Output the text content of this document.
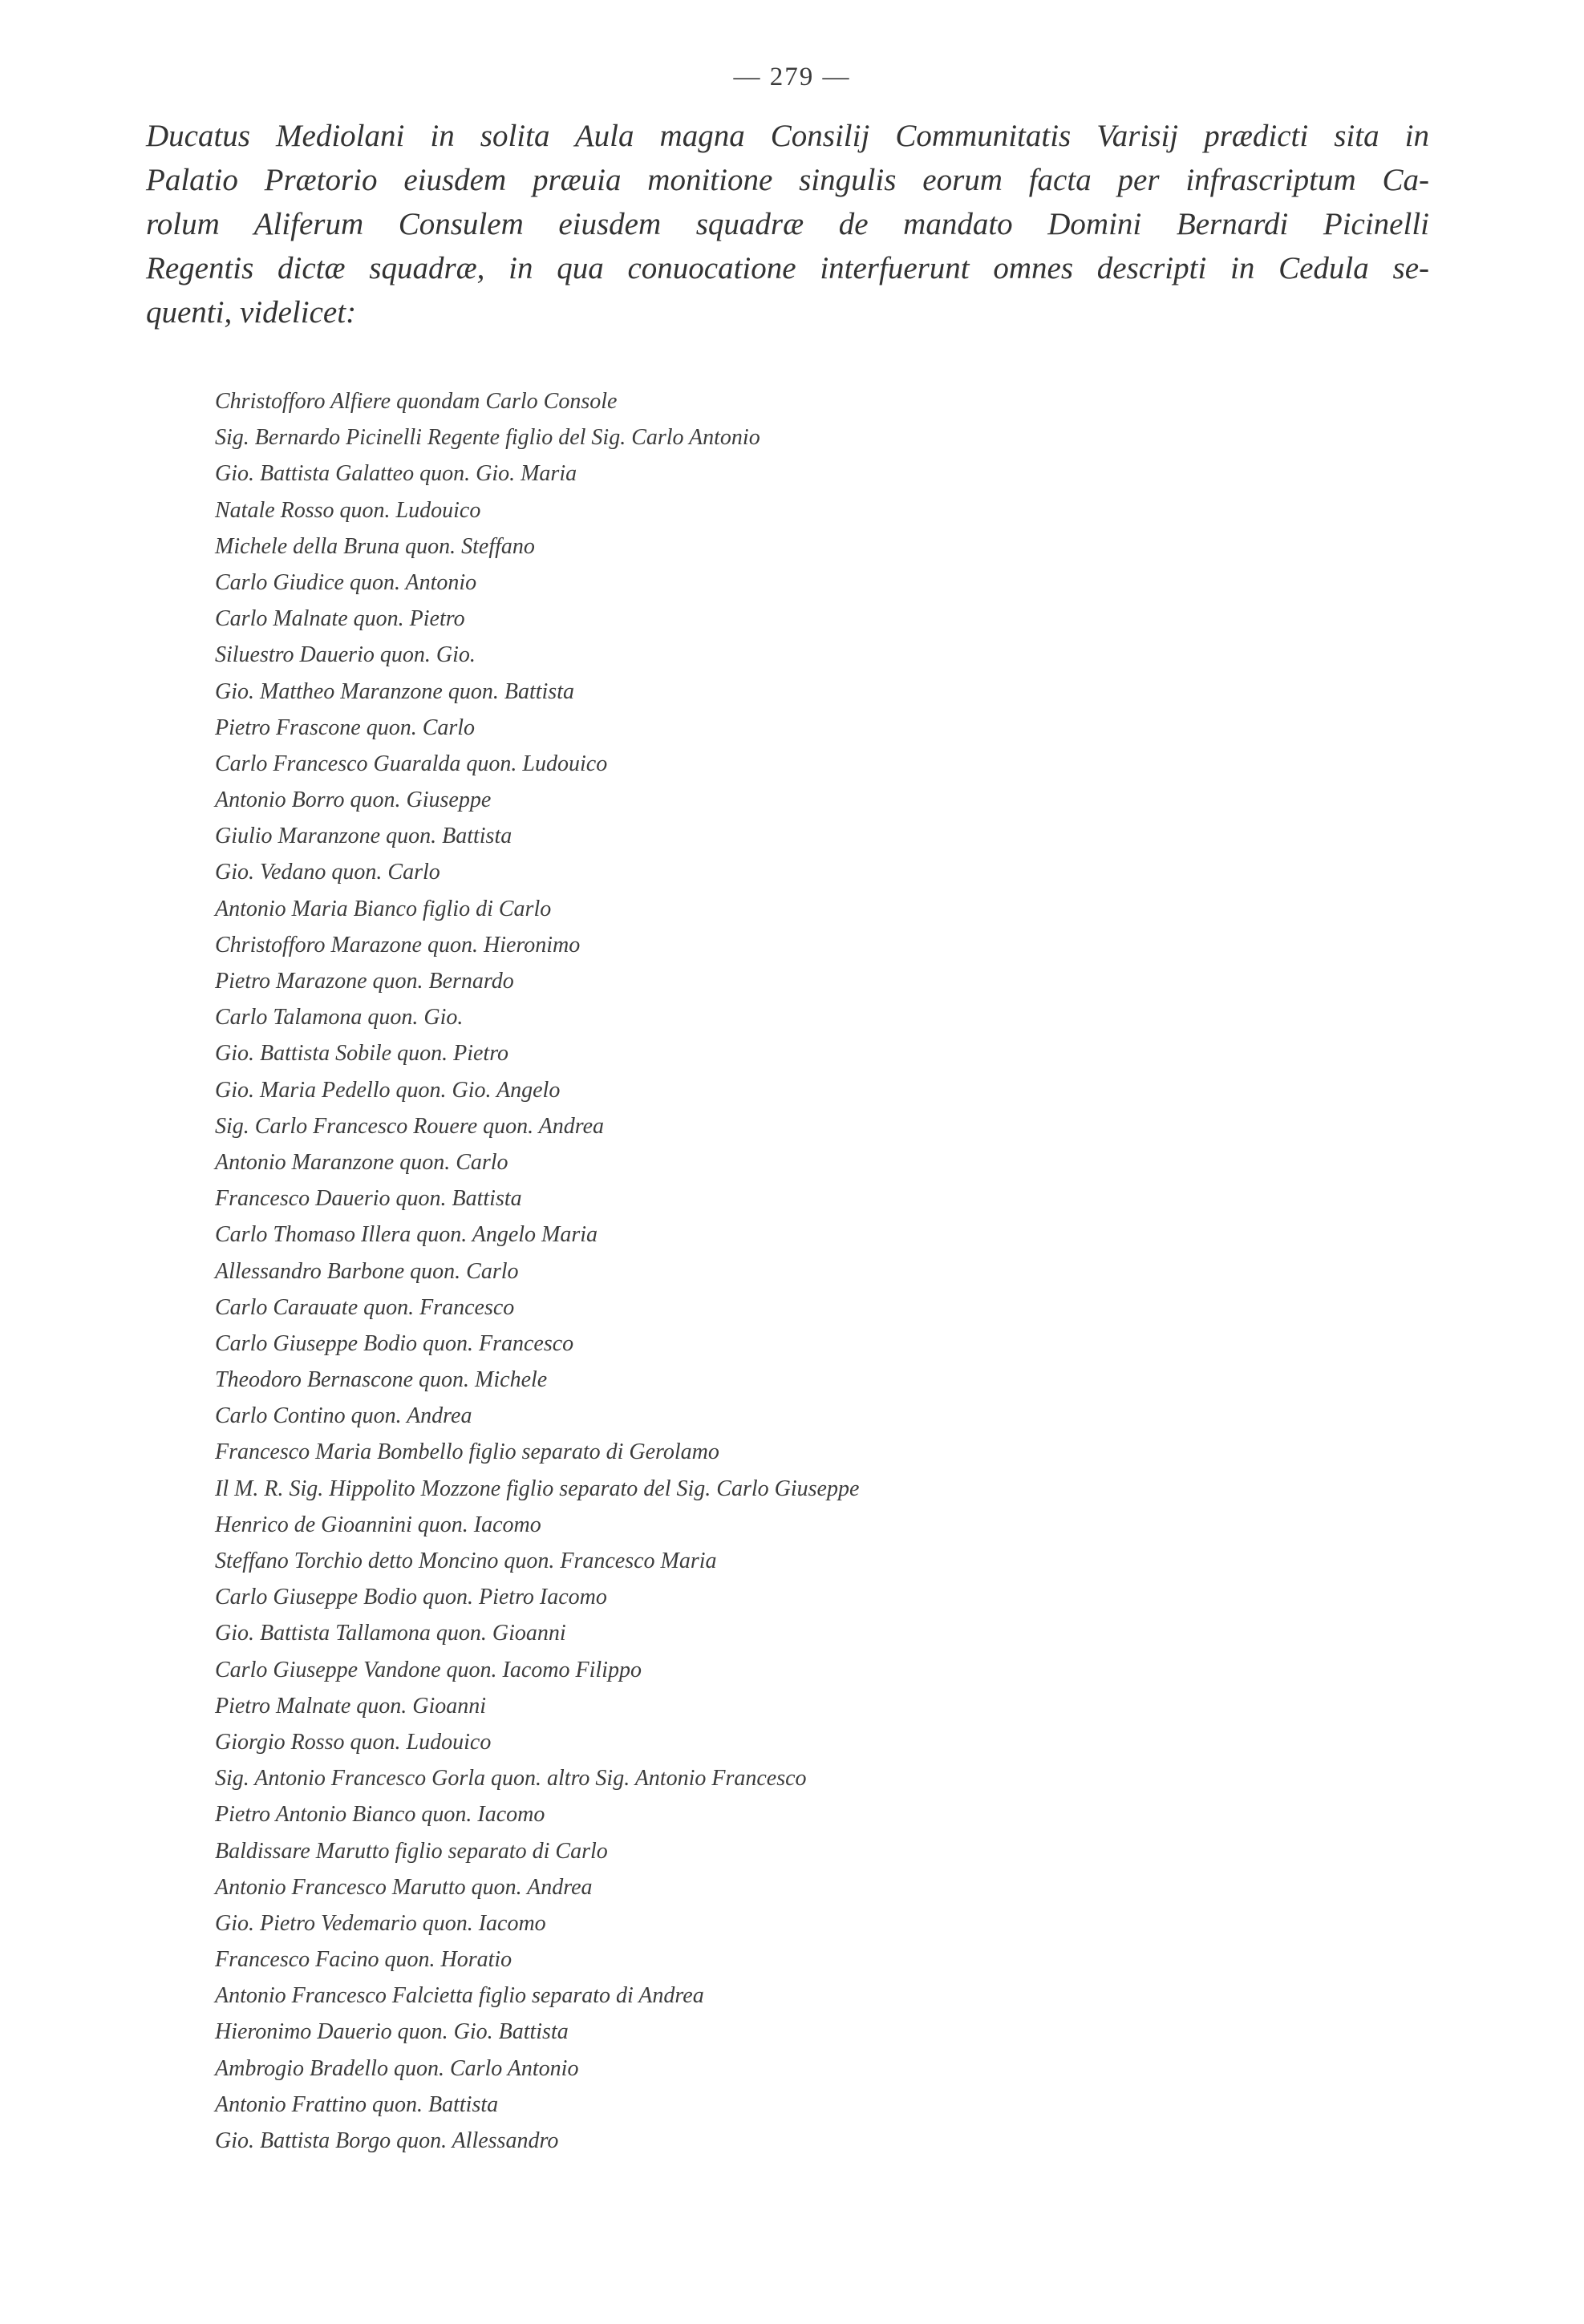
— 279 —
Ducatus Mediolani in solita Aula magna Consilij Communitatis Varisij prædicti sita in
Palatio Prætorio eiusdem præuia monitione singulis eorum facta per infrascriptum Ca-
rolum Aliferum Consulem eiusdem squadræ de mandato Domini Bernardi Picinelli
Regentis dictæ squadræ, in qua conuocatione interfuerunt omnes descripti in Cedula se-
quenti, videlicet:
Christofforo Alfiere quondam Carlo Console
Sig. Bernardo Picinelli Regente figlio del Sig. Carlo Antonio
Gio. Battista Galatteo quon. Gio. Maria
Natale Rosso quon. Ludouico
Michele della Bruna quon. Steffano
Carlo Giudice quon. Antonio
Carlo Malnate quon. Pietro
Siluestro Dauerio quon. Gio.
Gio. Mattheo Maranzone quon. Battista
Pietro Frascone quon. Carlo
Carlo Francesco Guaralda quon. Ludouico
Antonio Borro quon. Giuseppe
Giulio Maranzone quon. Battista
Gio. Vedano quon. Carlo
Antonio Maria Bianco figlio di Carlo
Christofforo Marazone quon. Hieronimo
Pietro Marazone quon. Bernardo
Carlo Talamona quon. Gio.
Gio. Battista Sobile quon. Pietro
Gio. Maria Pedello quon. Gio. Angelo
Sig. Carlo Francesco Rouere quon. Andrea
Antonio Maranzone quon. Carlo
Francesco Dauerio quon. Battista
Carlo Thomaso Illera quon. Angelo Maria
Allessandro Barbone quon. Carlo
Carlo Carauate quon. Francesco
Carlo Giuseppe Bodio quon. Francesco
Theodoro Bernascone quon. Michele
Carlo Contino quon. Andrea
Francesco Maria Bombello figlio separato di Gerolamo
Il M. R. Sig. Hippolito Mozzone figlio separato del Sig. Carlo Giuseppe
Henrico de Gioannini quon. Iacomo
Steffano Torchio detto Moncino quon. Francesco Maria
Carlo Giuseppe Bodio quon. Pietro Iacomo
Gio. Battista Tallamona quon. Gioanni
Carlo Giuseppe Vandone quon. Iacomo Filippo
Pietro Malnate quon. Gioanni
Giorgio Rosso quon. Ludouico
Sig. Antonio Francesco Gorla quon. altro Sig. Antonio Francesco
Pietro Antonio Bianco quon. Iacomo
Baldissare Marutto figlio separato di Carlo
Antonio Francesco Marutto quon. Andrea
Gio. Pietro Vedemario quon. Iacomo
Francesco Facino quon. Horatio
Antonio Francesco Falcietta figlio separato di Andrea
Hieronimo Dauerio quon. Gio. Battista
Ambrogio Bradello quon. Carlo Antonio
Antonio Frattino quon. Battista
Gio. Battista Borgo quon. Allessandro
